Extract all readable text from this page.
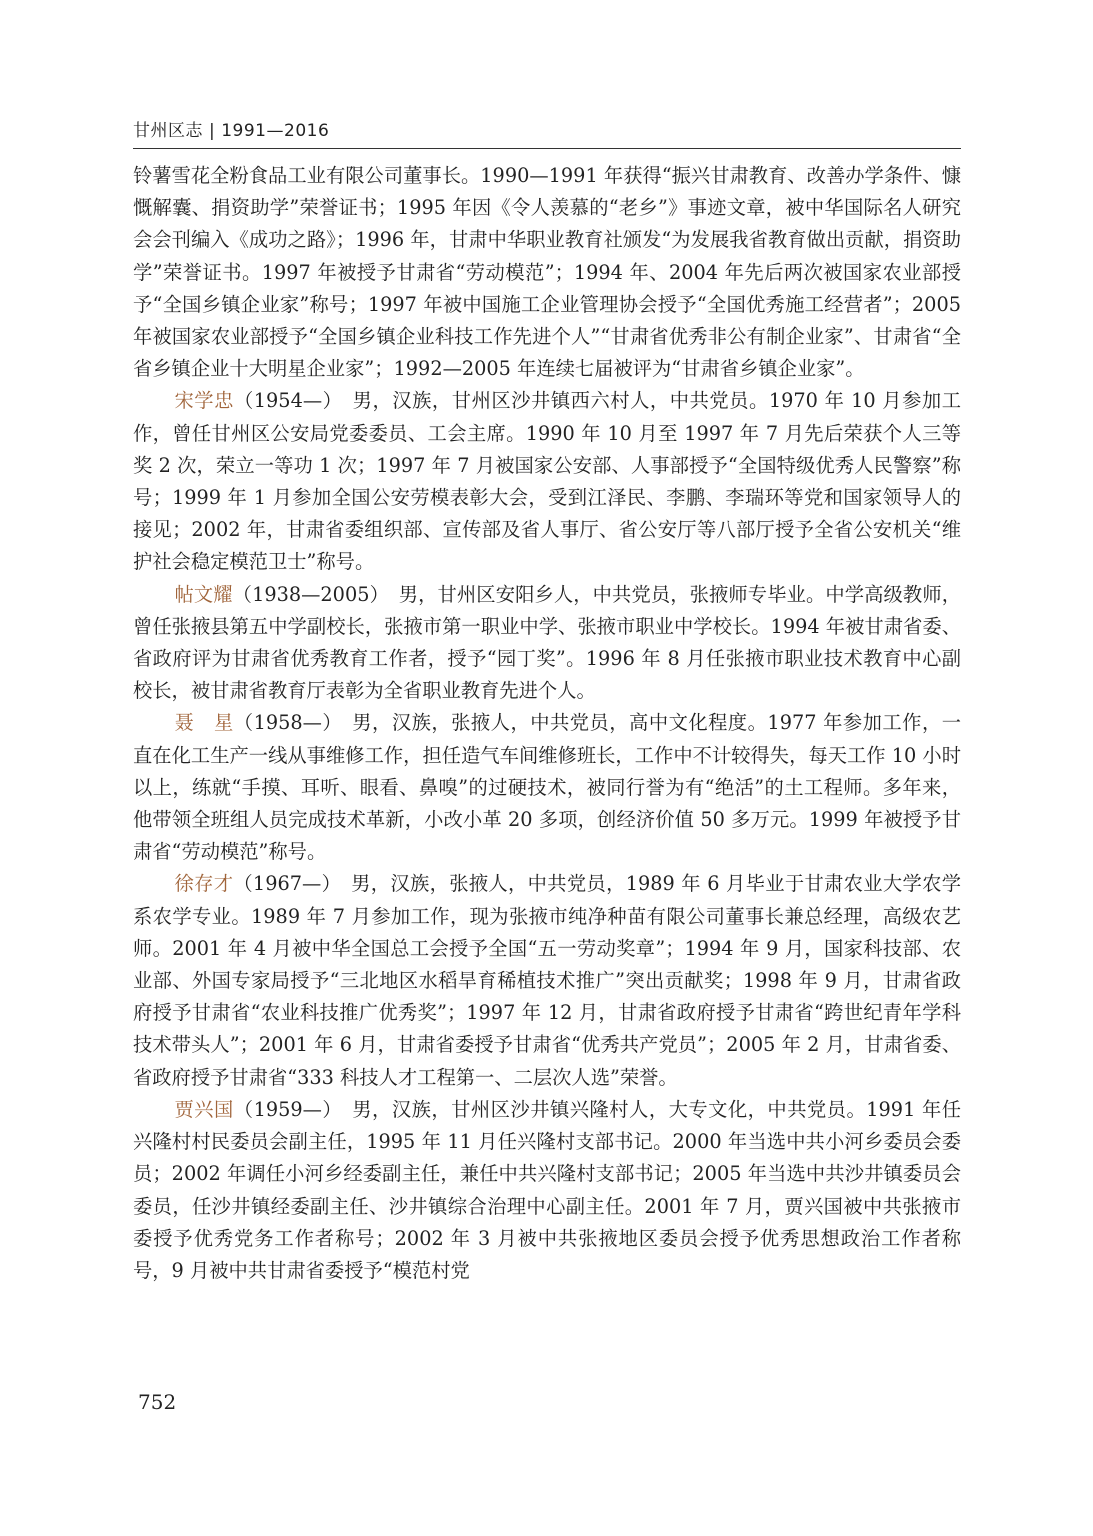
甘州区志 | 1991—2016

铃薯雪花全粉食品工业有限公司董事长。1990—1991 年获得“振兴甘肃教育、改善办学条件、慷慨解囊、捐资助学”荣誉证书；1995 年因《令人羡慕的“老乡”》事迹文章，被中华国际名人研究会会刊编入《成功之路》；1996 年，甘肃中华职业教育社颁发“为发展我省教育做出贡献，捐资助学”荣誉证书。1997 年被授予甘肃省“劳动模范”；1994 年、2004 年先后两次被国家农业部授予“全国乡镇企业家”称号；1997 年被中国施工企业管理协会授予“全国优秀施工经营者”；2005 年被国家农业部授予“全国乡镇企业科技工作先进个人”“甘肃省优秀非公有制企业家”、甘肃省“全省乡镇企业十大明星企业家”；1992—2005 年连续七届被评为“甘肃省乡镇企业家”。

宋学忠（1954—）　男，汉族，甘州区沙井镇西六村人，中共党员。1970 年 10 月参加工作，曾任甘州区公安局党委委员、工会主席。1990 年 10 月至 1997 年 7 月先后荣获个人三等奖 2 次，荣立一等功 1 次；1997 年 7 月被国家公安部、人事部授予“全国特级优秀人民警察”称号；1999 年 1 月参加全国公安劳模表彰大会，受到江泽民、李鹏、李瑞环等党和国家领导人的接见；2002 年，甘肃省委组织部、宣传部及省人事厅、省公安厅等八部厅授予全省公安机关“维护社会稳定模范卫士”称号。

帖文耀（1938—2005）　男，甘州区安阳乡人，中共党员，张掖师专毕业。中学高级教师，曾任张掖县第五中学副校长，张掖市第一职业中学、张掖市职业中学校长。1994 年被甘肃省委、省政府评为甘肃省优秀教育工作者，授予“园丁奖”。1996 年 8 月任张掖市职业技术教育中心副校长，被甘肃省教育厅表彰为全省职业教育先进个人。

聂　星（1958—）　男，汉族，张掖人，中共党员，高中文化程度。1977 年参加工作，一直在化工生产一线从事维修工作，担任造气车间维修班长，工作中不计较得失，每天工作 10 小时以上，练就“手摸、耳听、眼看、鼻嗅”的过硬技术，被同行誉为有“绝活”的土工程师。多年来，他带领全班组人员完成技术革新，小改小革 20 多项，创经济价值 50 多万元。1999 年被授予甘肃省“劳动模范”称号。

徐存才（1967—）　男，汉族，张掖人，中共党员，1989 年 6 月毕业于甘肃农业大学农学系农学专业。1989 年 7 月参加工作，现为张掖市纯净种苗有限公司董事长兼总经理，高级农艺师。2001 年 4 月被中华全国总工会授予全国“五一劳动奖章”；1994 年 9 月，国家科技部、农业部、外国专家局授予“三北地区水稻旱育稀植技术推广”突出贡献奖；1998 年 9 月，甘肃省政府授予甘肃省“农业科技推广优秀奖”；1997 年 12 月，甘肃省政府授予甘肃省“跨世纪青年学科技术带头人”；2001 年 6 月，甘肃省委授予甘肃省“优秀共产党员”；2005 年 2 月，甘肃省委、省政府授予甘肃省“333 科技人才工程第一、二层次人选”荣誉。

贾兴国（1959—）　男，汉族，甘州区沙井镇兴隆村人，大专文化，中共党员。1991 年任兴隆村村民委员会副主任，1995 年 11 月任兴隆村支部书记。2000 年当选中共小河乡委员会委员；2002 年调任小河乡经委副主任，兼任中共兴隆村支部书记；2005 年当选中共沙井镇委员会委员，任沙井镇经委副主任、沙井镇综合治理中心副主任。2001 年 7 月，贾兴国被中共张掖市委授予优秀党务工作者称号；2002 年 3 月被中共张掖地区委员会授予优秀思想政治工作者称号，9 月被中共甘肃省委授予“模范村党

752
